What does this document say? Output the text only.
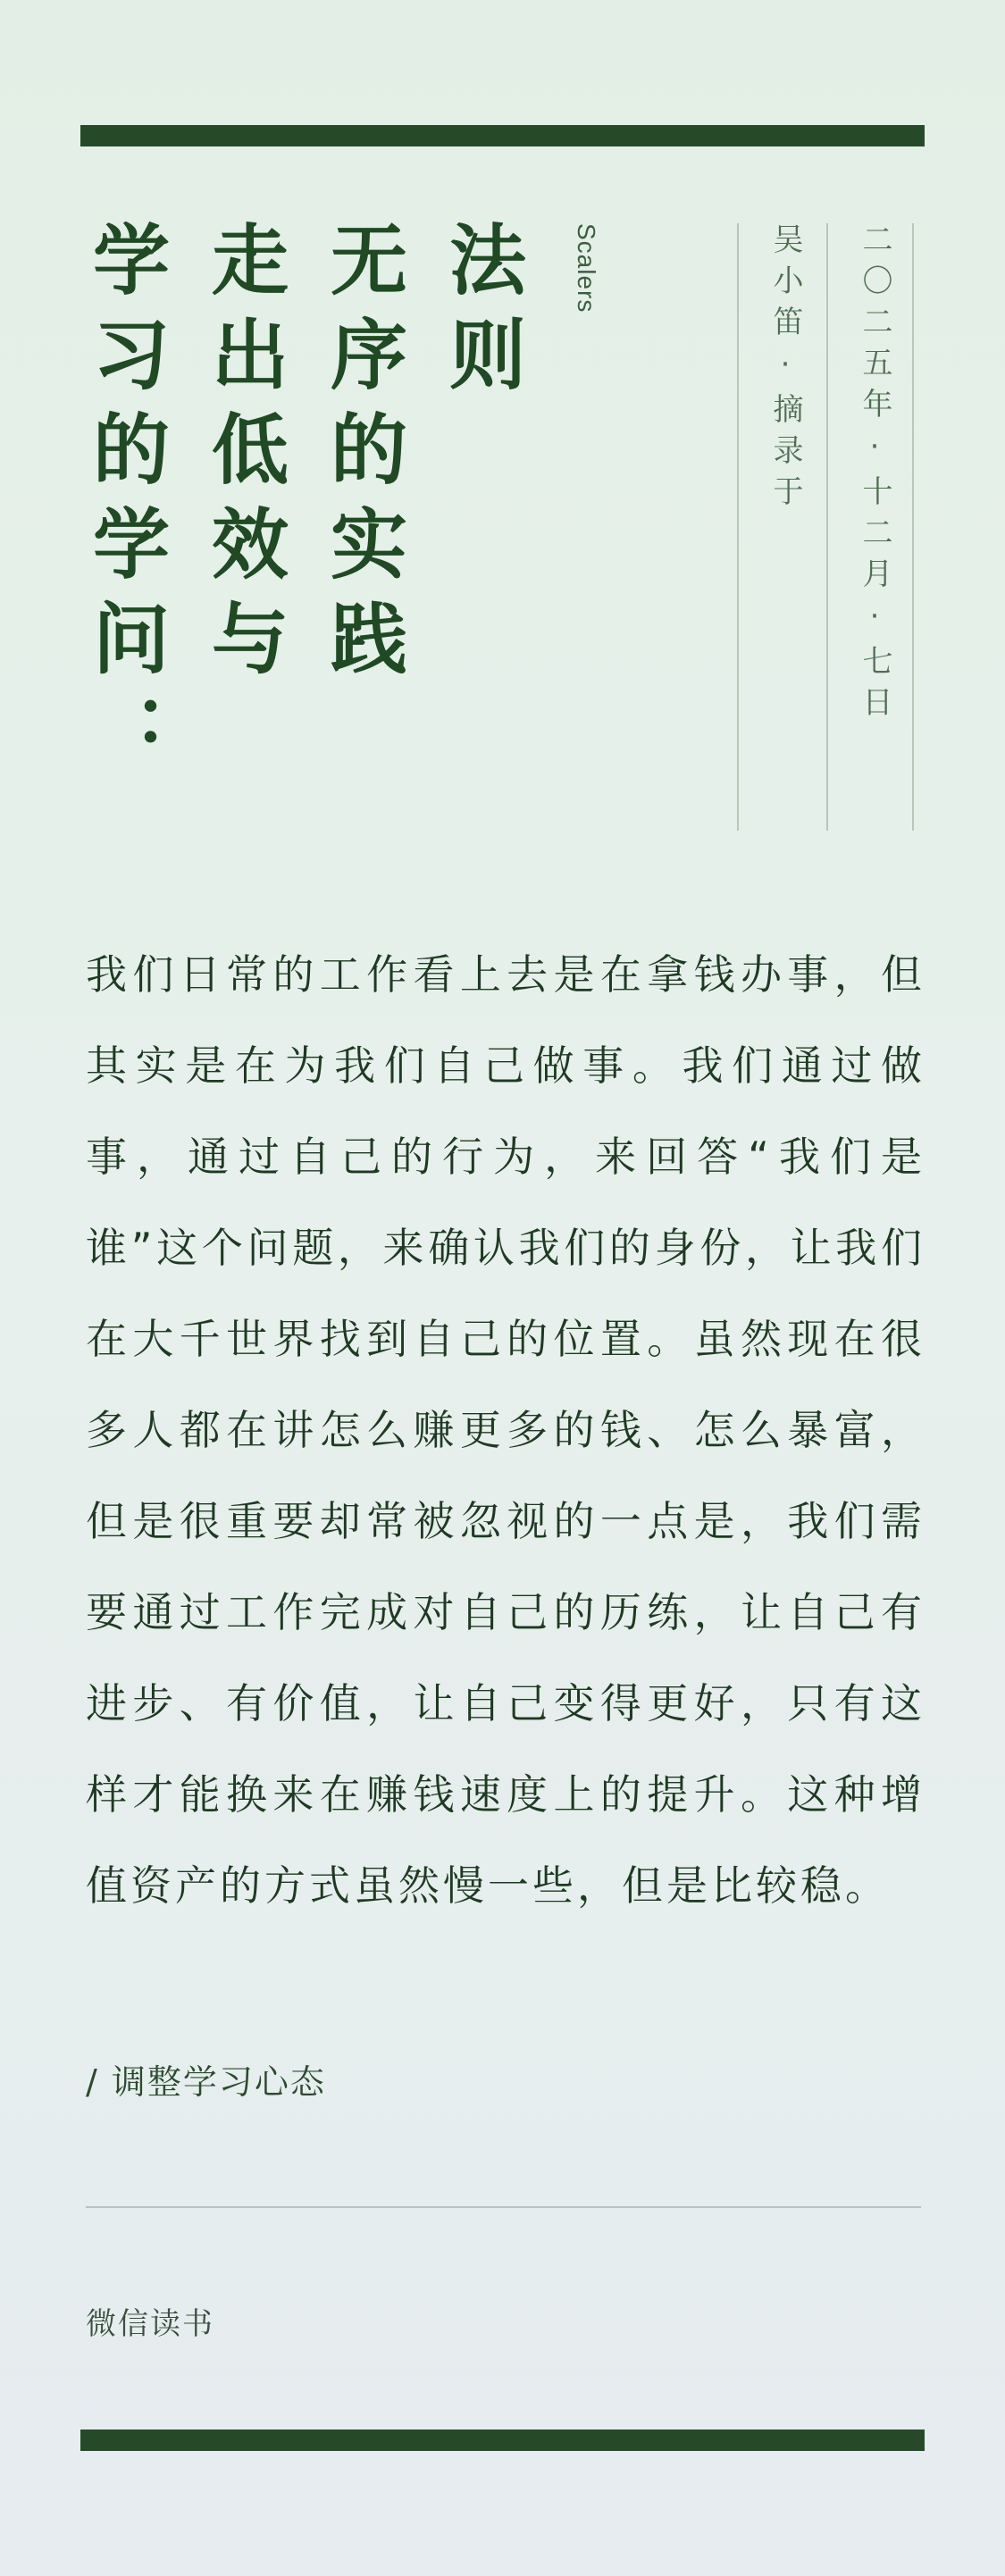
法则
无序的实践
走出低效与
学习的学问：	Scalers	吴小笛·摘录于 二〇二五年·十二月·七日

我们日常的工作看上去是在拿钱办事，但其实是在为我们自己做事。我们通过做事，通过自己的行为，来回答“我们是谁”这个问题，来确认我们的身份，让我们在大千世界找到自己的位置。虽然现在很多人都在讲怎么赚更多的钱、怎么暴富，但是很重要却常被忽视的一点是，我们需要通过工作完成对自己的历练，让自己有进步、有价值，让自己变得更好，只有这样才能换来在赚钱速度上的提升。这种增值资产的方式虽然慢一些，但是比较稳。

/ 调整学习心态
微信读书
